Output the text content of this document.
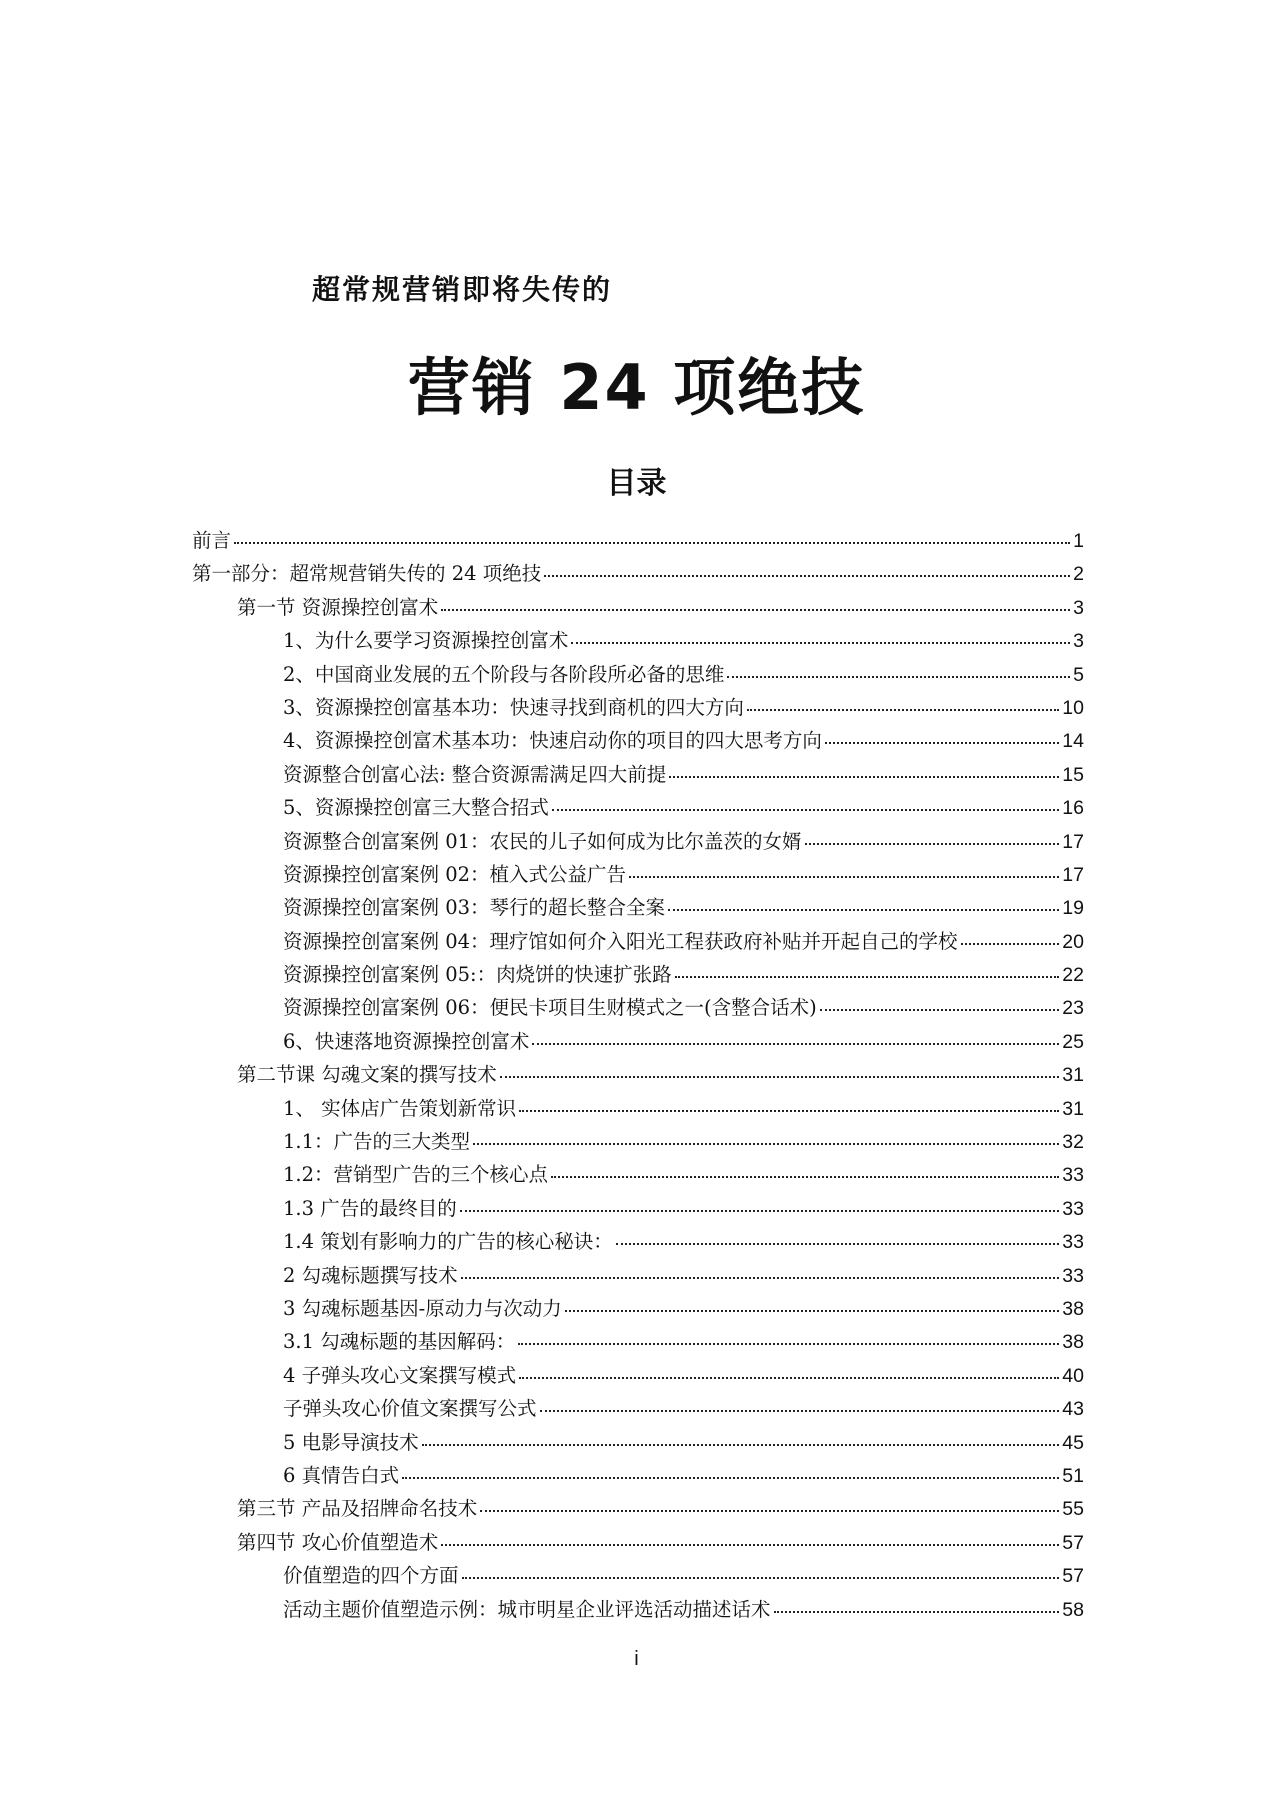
超常规营销即将失传的
营销 24 项绝技
目录
前言	1
第一部分：超常规营销失传的 24 项绝技	2
第一节 资源操控创富术	3
1、为什么要学习资源操控创富术	3
2、中国商业发展的五个阶段与各阶段所必备的思维	5
3、资源操控创富基本功：快速寻找到商机的四大方向	10
4、资源操控创富术基本功：快速启动你的项目的四大思考方向	14
资源整合创富心法: 整合资源需满足四大前提	15
5、资源操控创富三大整合招式	16
资源整合创富案例 01：农民的儿子如何成为比尔盖茨的女婿	17
资源操控创富案例 02：植入式公益广告	17
资源操控创富案例 03：琴行的超长整合全案	19
资源操控创富案例 04：理疗馆如何介入阳光工程获政府补贴并开起自己的学校	20
资源操控创富案例 05:：肉烧饼的快速扩张路	22
资源操控创富案例 06：便民卡项目生财模式之一(含整合话术)	23
6、快速落地资源操控创富术	25
第二节课 勾魂文案的撰写技术	31
1、 实体店广告策划新常识	31
1.1：广告的三大类型	32
1.2：营销型广告的三个核心点	33
1.3 广告的最终目的	33
1.4 策划有影响力的广告的核心秘诀：	33
2 勾魂标题撰写技术	33
3 勾魂标题基因-原动力与次动力	38
3.1 勾魂标题的基因解码：	38
4 子弹头攻心文案撰写模式	40
子弹头攻心价值文案撰写公式	43
5 电影导演技术	45
6 真情告白式	51
第三节 产品及招牌命名技术	55
第四节 攻心价值塑造术	57
价值塑造的四个方面	57
活动主题价值塑造示例：城市明星企业评选活动描述话术	58

i
